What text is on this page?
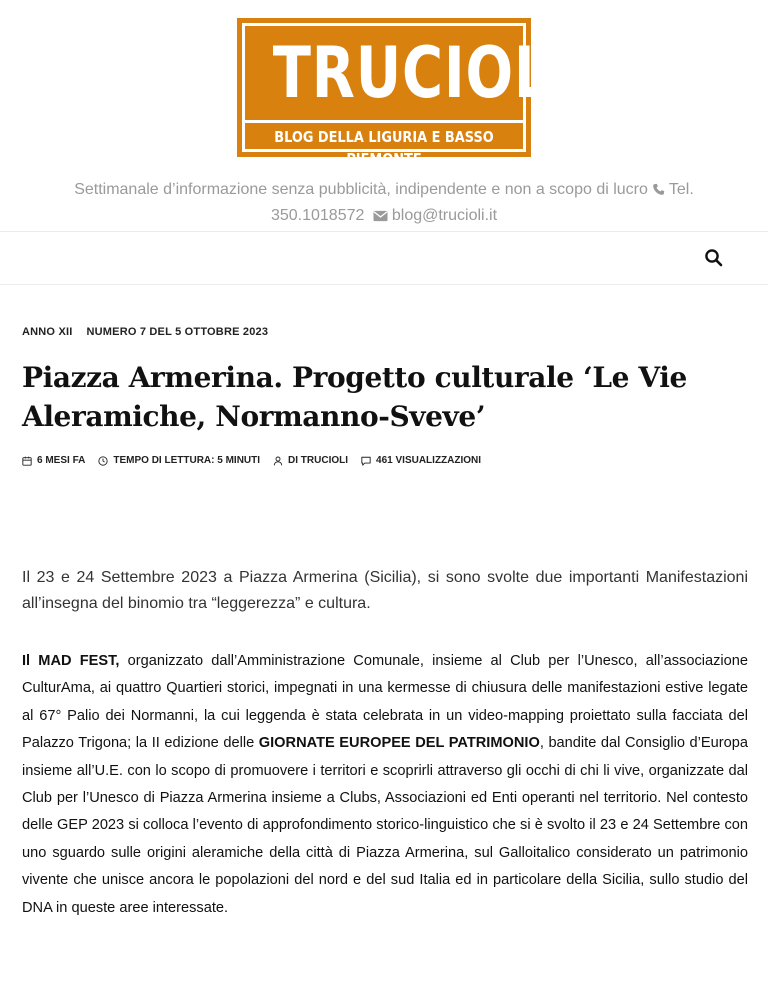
TRUCIOLI
BLOG DELLA LIGURIA E BASSO PIEMONTE
Settimanale d’informazione senza pubblicità, indipendente e non a scopo di lucro Tel. 350.1018572 blog@trucioli.it
ANNO XII NUMERO 7 DEL 5 OTTOBRE 2023
Piazza Armerina. Progetto culturale ‘Le Vie Aleramiche, Normanno-Sveve’
6 MESI FA	TEMPO DI LETTURA: 5 MINUTI	DI TRUCIOLI	461 VISUALIZZAZIONI

Il 23 e 24 Settembre 2023 a Piazza Armerina (Sicilia), si sono svolte due importanti Manifestazioni all’insegna del binomio tra “leggerezza” e cultura.

Il MAD FEST, organizzato dall’Amministrazione Comunale, insieme al Club per l’Unesco, all’associazione CulturAma, ai quattro Quartieri storici, impegnati in una kermesse di chiusura delle manifestazioni estive legate al 67° Palio dei Normanni, la cui leggenda è stata celebrata in un video-mapping proiettato sulla facciata del Palazzo Trigona; la II edizione delle GIORNATE EUROPEE DEL PATRIMONIO, bandite dal Consiglio d’Europa insieme all’U.E. con lo scopo di promuovere i territori e scoprirli attraverso gli occhi di chi li vive, organizzate dal Club per l’Unesco di Piazza Armerina insieme a Clubs, Associazioni ed Enti operanti nel territorio. Nel contesto delle GEP 2023 si colloca l’evento di approfondimento storico-linguistico che si è svolto il 23 e 24 Settembre con uno sguardo sulle origini aleramiche della città di Piazza Armerina, sul Galloitalico considerato un patrimonio vivente che unisce ancora le popolazioni del nord e del sud Italia ed in particolare della Sicilia, sullo studio del DNA in queste aree interessate.
